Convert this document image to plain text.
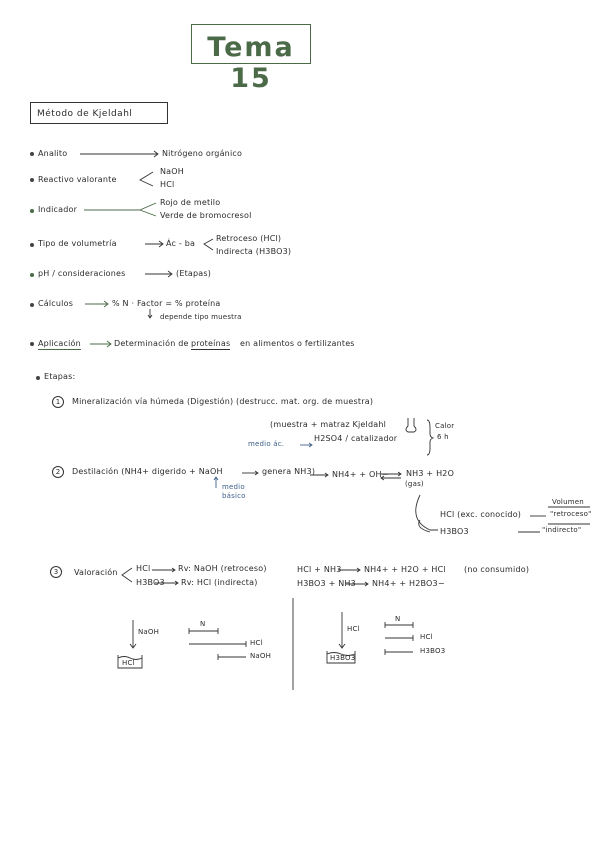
Tema 15
Método de Kjeldahl
Analito	Nitrógeno orgánico
Reactivo valorante
NaOH
HCl
Indicador
Rojo de metilo
Verde de bromocresol
Tipo de volumetría	Ác - ba
Retroceso (HCl)
Indirecta (H3BO3)
pH / consideraciones	(Etapas)
Cálculos	% N · Factor = % proteína
depende tipo muestra
Aplicación	Determinación de proteínas en alimentos o fertilizantes
Etapas:
1	Mineralización vía húmeda (Digestión) (destrucc. mat. org. de muestra)
(muestra + matraz Kjeldahl
H2SO4 / catalizador
medio ác.
Calor
6 h
2	Destilación (NH4+ digerido + NaOH	genera NH3) NH4+ + OH− NH3 + H2O
(gas)
medio
básico
HCl (exc. conocido)
H3BO3
Volumen
"retroceso"
"indirecto"
3	Valoración HCl	Rv: NaOH (retroceso)
H3BO3 Rv: HCl (indirecta)
HCl + NH3	NH4+ + H2O + HCl (no consumido)
H3BO3 + NH3 NH4+ + H2BO3−
NaOH
N
HCl
NaOH
HCl
HCl
N
HCl
H3BO3
H3BO3
